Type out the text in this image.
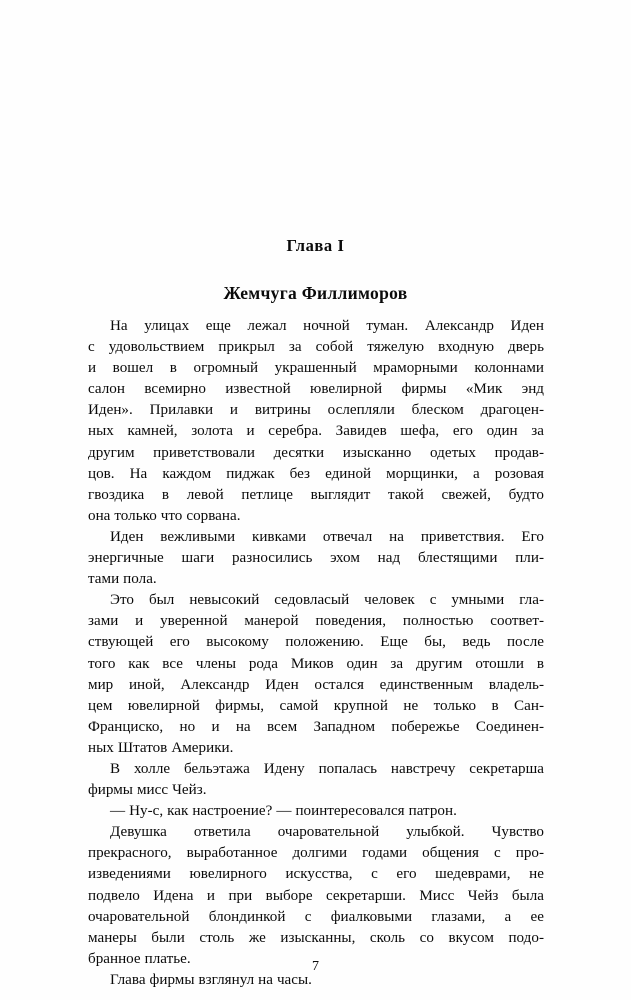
Глава I
Жемчуга Филлиморов

На улицах еще лежал ночной туман. Александр Иден
с удовольствием прикрыл за собой тяжелую входную дверь
и вошел в огромный украшенный мраморными колоннами
салон всемирно известной ювелирной фирмы «Мик энд
Иден». Прилавки и витрины ослепляли блеском драгоцен-
ных камней, золота и серебра. Завидев шефа, его один за
другим приветствовали десятки изысканно одетых продав-
цов. На каждом пиджак без единой морщинки, а розовая
гвоздика в левой петлице выглядит такой свежей, будто
она только что сорвана.

Иден вежливыми кивками отвечал на приветствия. Его
энергичные шаги разносились эхом над блестящими пли-
тами пола.

Это был невысокий седовласый человек с умными гла-
зами и уверенной манерой поведения, полностью соответ-
ствующей его высокому положению. Еще бы, ведь после
того как все члены рода Миков один за другим отошли в
мир иной, Александр Иден остался единственным владель-
цем ювелирной фирмы, самой крупной не только в Сан-
Франциско, но и на всем Западном побережье Соединен-
ных Штатов Америки.

В холле бельэтажа Идену попалась навстречу секретарша
фирмы мисс Чейз.

— Ну-с, как настроение? — поинтересовался патрон.

Девушка ответила очаровательной улыбкой. Чувство
прекрасного, выработанное долгими годами общения с про-
изведениями ювелирного искусства, с его шедеврами, не
подвело Идена и при выборе секретарши. Мисс Чейз была
очаровательной блондинкой с фиалковыми глазами, а ее
манеры были столь же изысканны, сколь со вкусом подо-
бранное платье.

Глава фирмы взглянул на часы.

7
